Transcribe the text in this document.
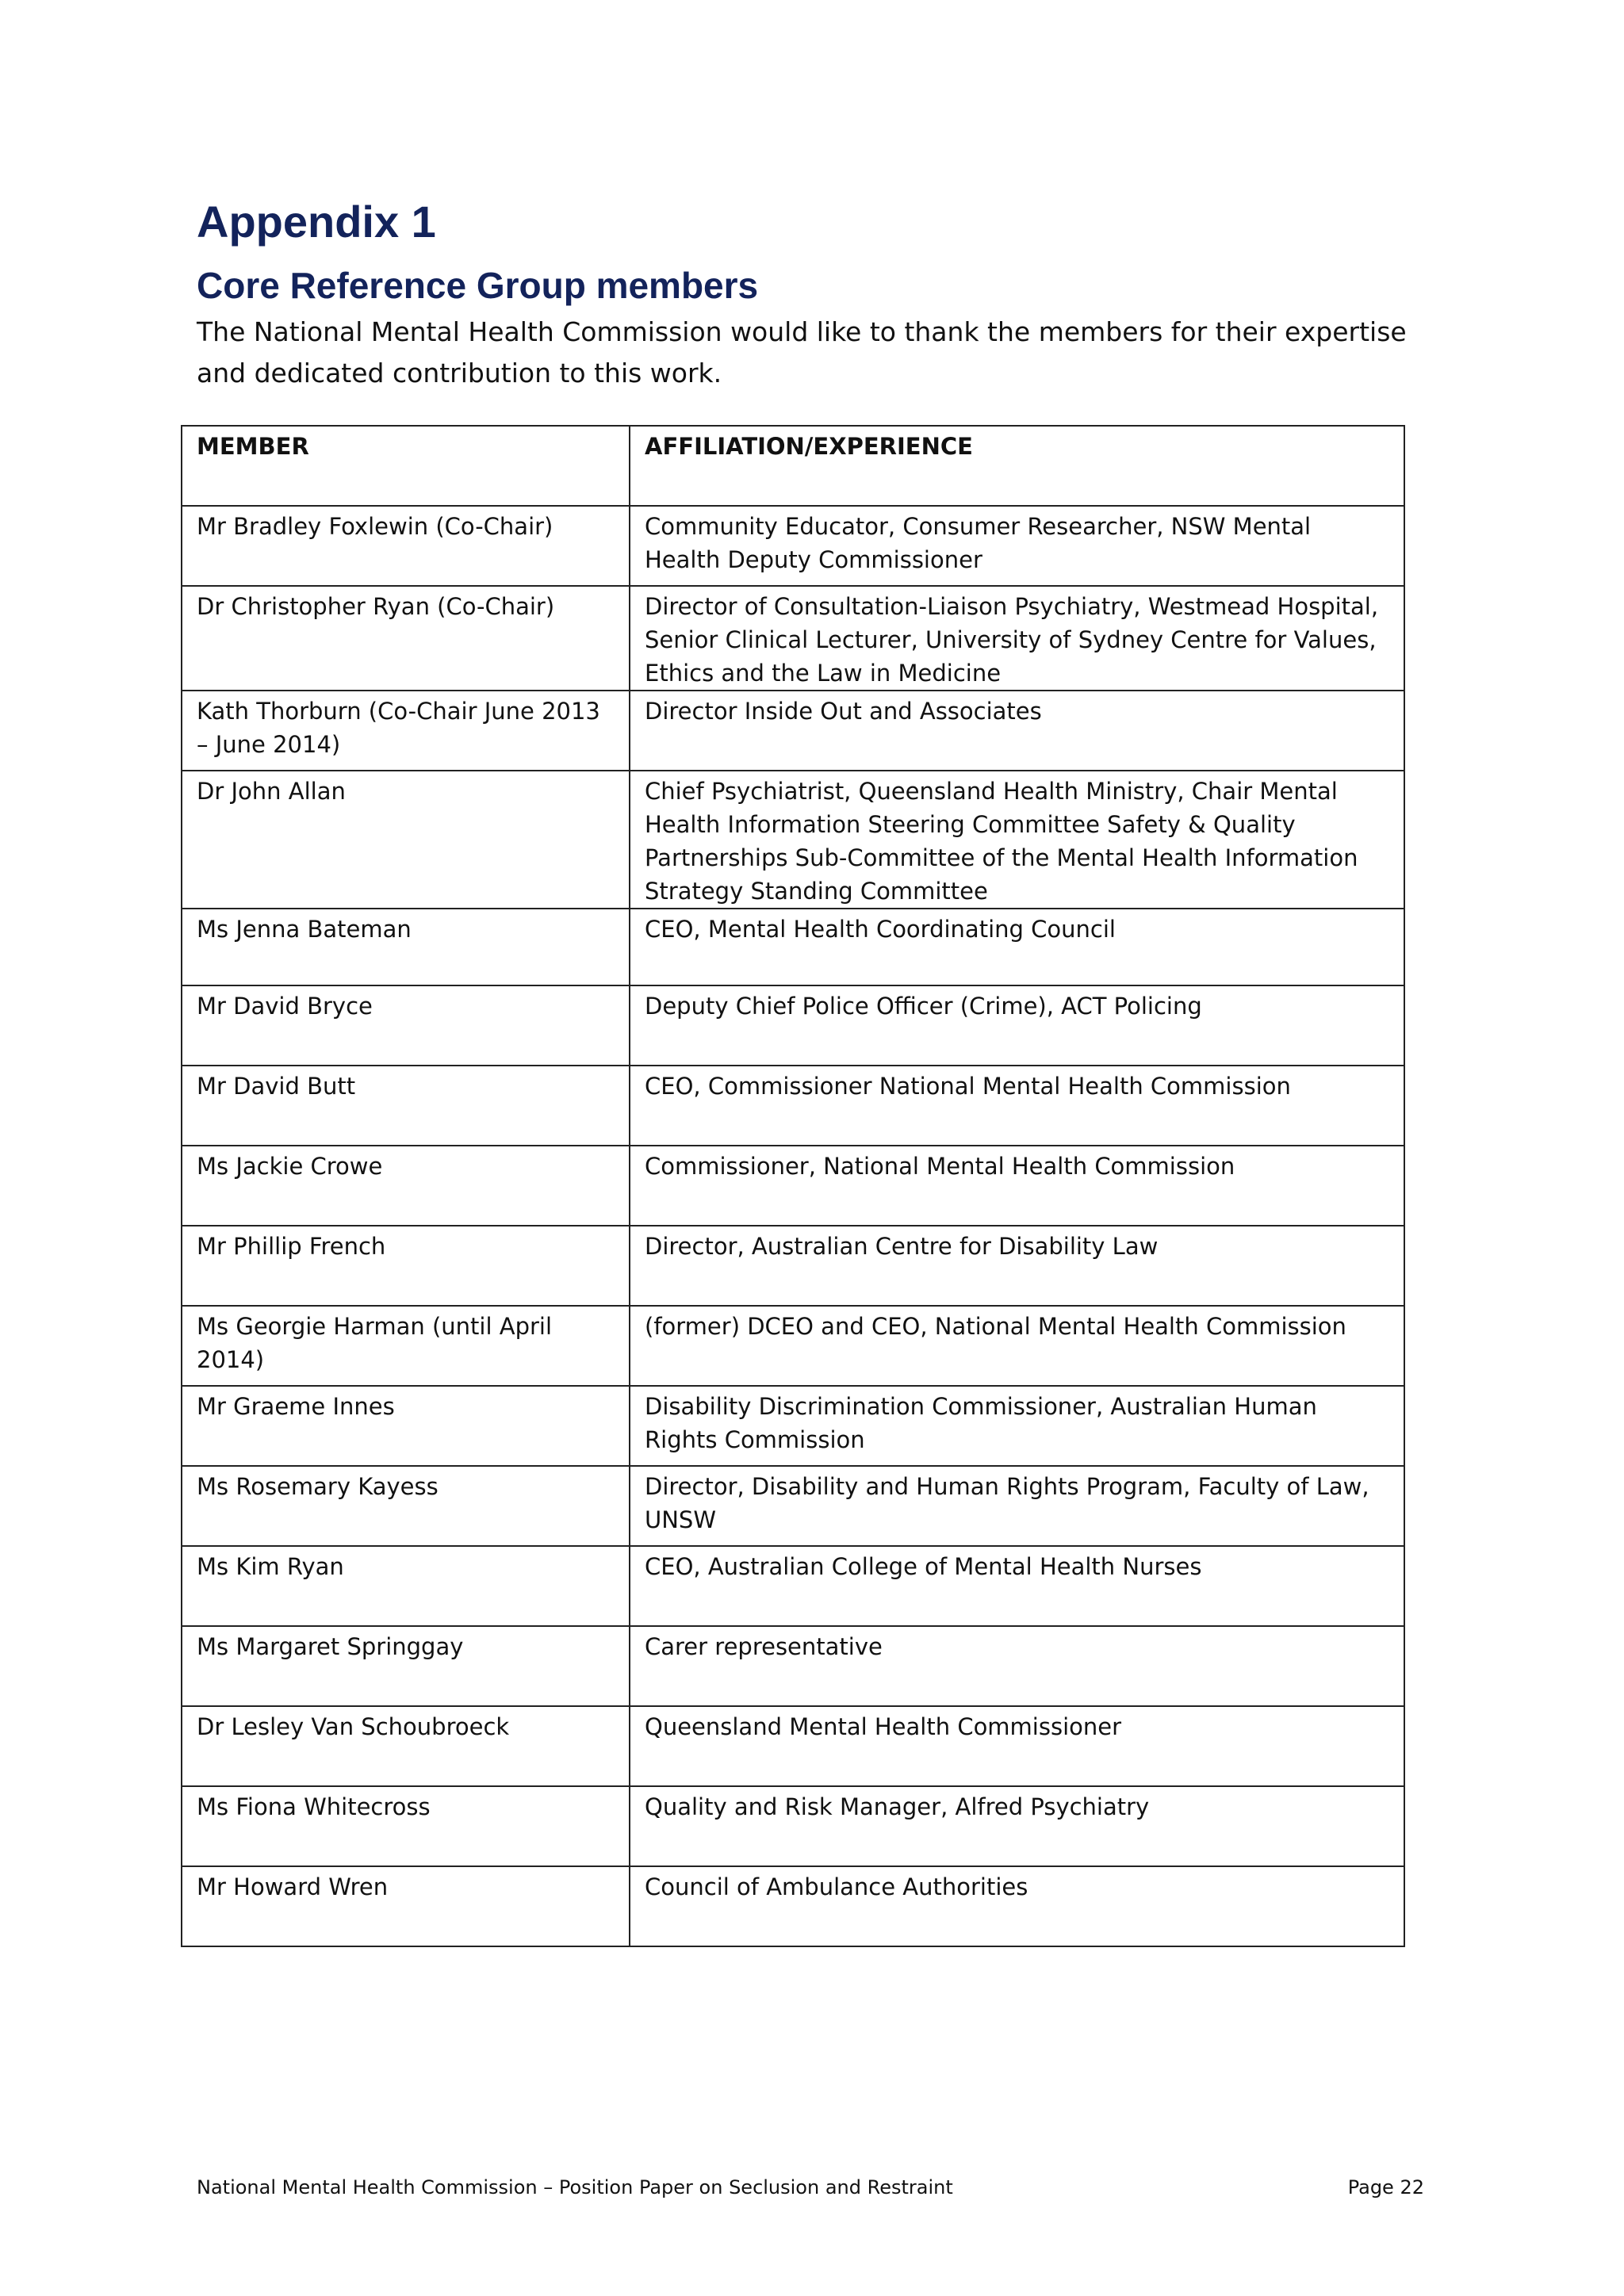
Appendix 1
Core Reference Group members

The National Mental Health Commission would like to thank the members for their expertise and dedicated contribution to this work.

MEMBER	AFFILIATION/EXPERIENCE
Mr Bradley Foxlewin (Co-Chair)	Community Educator, Consumer Researcher, NSW Mental Health Deputy Commissioner
Dr Christopher Ryan (Co-Chair)	Director of Consultation-Liaison Psychiatry, Westmead Hospital, Senior Clinical Lecturer, University of Sydney Centre for Values, Ethics and the Law in Medicine
Kath Thorburn (Co-Chair June 2013 – June 2014)	Director Inside Out and Associates
Dr John Allan	Chief Psychiatrist, Queensland Health Ministry, Chair Mental Health Information Steering Committee Safety & Quality Partnerships Sub-Committee of the Mental Health Information Strategy Standing Committee
Ms Jenna Bateman	CEO, Mental Health Coordinating Council
Mr David Bryce	Deputy Chief Police Officer (Crime), ACT Policing
Mr David Butt	CEO, Commissioner National Mental Health Commission
Ms Jackie Crowe	Commissioner, National Mental Health Commission
Mr Phillip French	Director, Australian Centre for Disability Law
Ms Georgie Harman (until April 2014)	(former) DCEO and CEO, National Mental Health Commission
Mr Graeme Innes	Disability Discrimination Commissioner, Australian Human Rights Commission
Ms Rosemary Kayess	Director, Disability and Human Rights Program, Faculty of Law, UNSW
Ms Kim Ryan	CEO, Australian College of Mental Health Nurses
Ms Margaret Springgay	Carer representative
Dr Lesley Van Schoubroeck	Queensland Mental Health Commissioner
Ms Fiona Whitecross	Quality and Risk Manager, Alfred Psychiatry
Mr Howard Wren	Council of Ambulance Authorities
National Mental Health Commission – Position Paper on Seclusion and Restraint	Page 22
